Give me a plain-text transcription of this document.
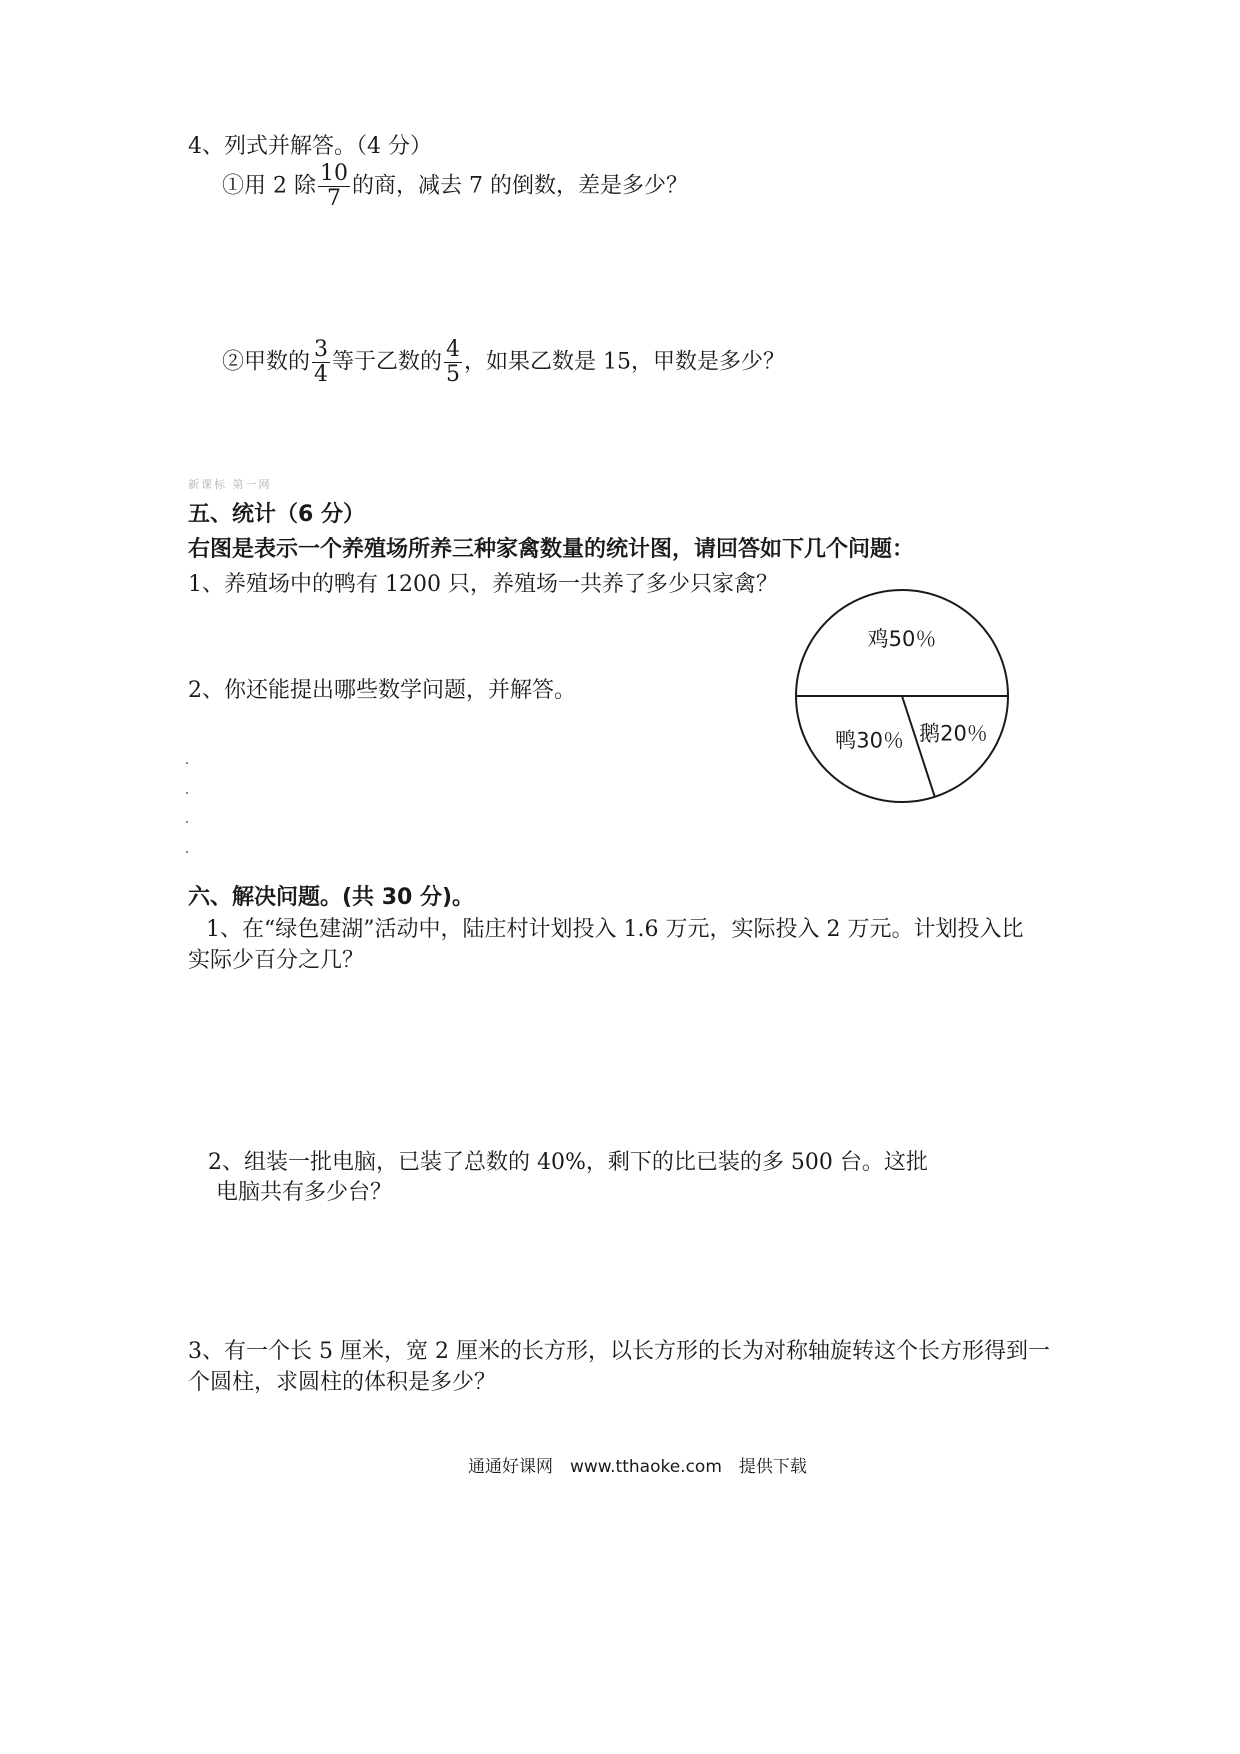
4、列式并解答。（4 分）
①用 2 除 $\frac{10}{7}$ 的商，减去 7 的倒数，差是多少？
②甲数的 $\frac{3}{4}$ 等于乙数的 $\frac{4}{5}$ ，如果乙数是 15，甲数是多少？
新课标 第一网
五、统计（6 分）
右图是表示一个养殖场所养三种家禽数量的统计图，请回答如下几个问题：
1、养殖场中的鸭有 1200 只，养殖场一共养了多少只家禽？
2、你还能提出哪些数学问题，并解答。
鸡50％
鹅20％
鸭30％
六、解决问题。(共 30 分)。
1、在“绿色建湖”活动中，陆庄村计划投入 1.6 万元，实际投入 2 万元。计划投入比
实际少百分之几？
2、组装一批电脑，已装了总数的 40%，剩下的比已装的多 500 台。这批
电脑共有多少台？
3、有一个长 5 厘米，宽 2 厘米的长方形，以长方形的长为对称轴旋转这个长方形得到一
个圆柱，求圆柱的体积是多少？
通通好课网　www.tthaoke.com　提供下载
